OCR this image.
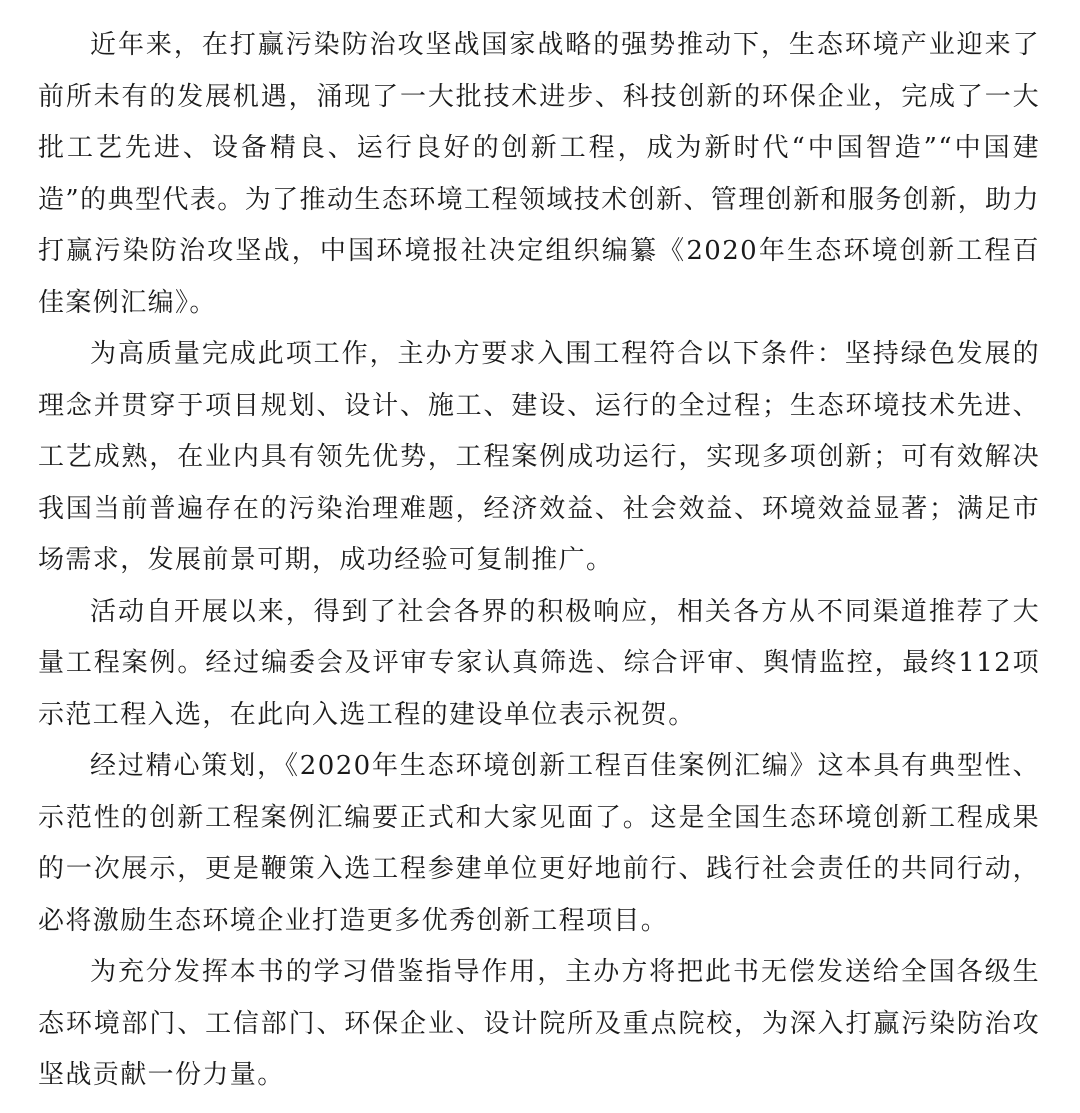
近年来，在打赢污染防治攻坚战国家战略的强势推动下，生态环境产业迎来了前所未有的发展机遇，涌现了一大批技术进步、科技创新的环保企业，完成了一大批工艺先进、设备精良、运行良好的创新工程，成为新时代“中国智造”“中国建造”的典型代表。为了推动生态环境工程领域技术创新、管理创新和服务创新，助力打赢污染防治攻坚战，中国环境报社决定组织编纂《2020年生态环境创新工程百佳案例汇编》。

为高质量完成此项工作，主办方要求入围工程符合以下条件：坚持绿色发展的理念并贯穿于项目规划、设计、施工、建设、运行的全过程；生态环境技术先进、工艺成熟，在业内具有领先优势，工程案例成功运行，实现多项创新；可有效解决我国当前普遍存在的污染治理难题，经济效益、社会效益、环境效益显著；满足市场需求，发展前景可期，成功经验可复制推广。

活动自开展以来，得到了社会各界的积极响应，相关各方从不同渠道推荐了大量工程案例。经过编委会及评审专家认真筛选、综合评审、舆情监控，最终112项示范工程入选，在此向入选工程的建设单位表示祝贺。

经过精心策划，《2020年生态环境创新工程百佳案例汇编》这本具有典型性、示范性的创新工程案例汇编要正式和大家见面了。这是全国生态环境创新工程成果的一次展示，更是鞭策入选工程参建单位更好地前行、践行社会责任的共同行动，必将激励生态环境企业打造更多优秀创新工程项目。

为充分发挥本书的学习借鉴指导作用，主办方将把此书无偿发送给全国各级生态环境部门、工信部门、环保企业、设计院所及重点院校，为深入打赢污染防治攻坚战贡献一份力量。
